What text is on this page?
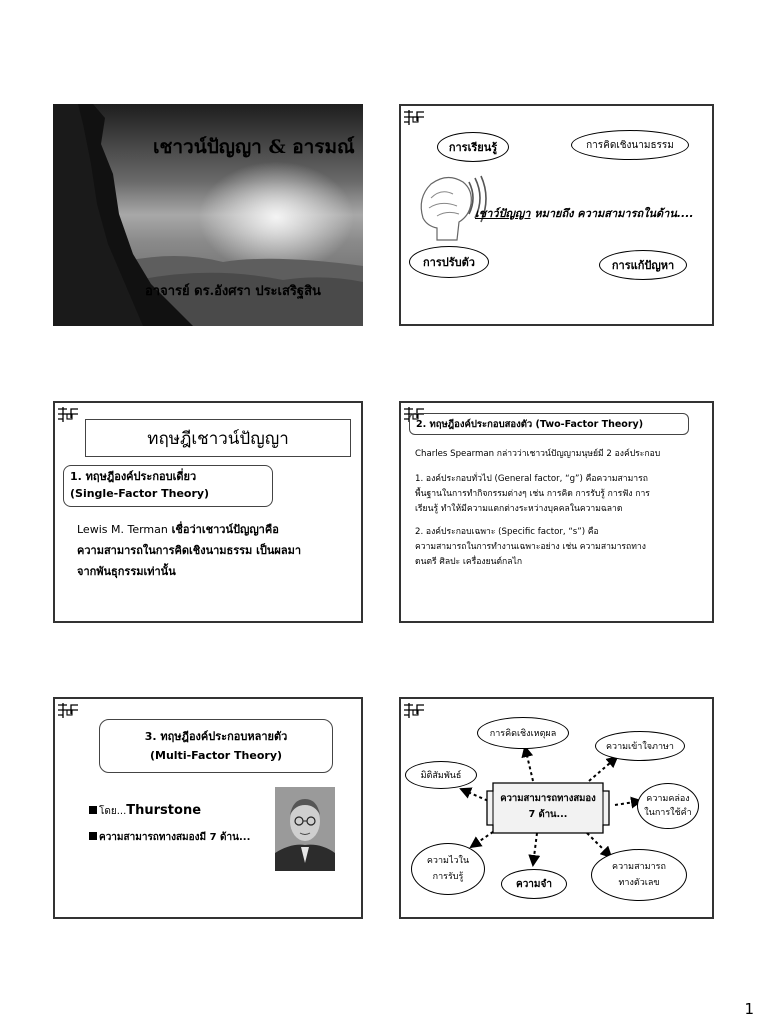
เชาวน์ปัญญา & อารมณ์
อาจารย์ ดร.อังศรา ประเสริฐสิน
การเรียนรู้	การคิดเชิงนามธรรม
เชาว์ปัญญา หมายถึง ความสามารถในด้าน....
การปรับตัว	การแก้ปัญหา
ทฤษฎีเชาวน์ปัญญา
1. ทฤษฎีองค์ประกอบเดี่ยว
(Single-Factor Theory)
Lewis M. Terman เชื่อว่าเชาวน์ปัญญาคือ
ความสามารถในการคิดเชิงนามธรรม เป็นผลมา
จากพันธุกรรมเท่านั้น
2. ทฤษฎีองค์ประกอบสองตัว (Two-Factor Theory)
Charles Spearman กล่าวว่าเชาวน์ปัญญามนุษย์มี 2 องค์ประกอบ
1. องค์ประกอบทั่วไป (General factor, “g”) คือความสามารถ
พื้นฐานในการทำกิจกรรมต่างๆ เช่น การคิด การรับรู้ การฟัง การ
เรียนรู้ ทำให้มีความแตกต่างระหว่างบุคคลในความฉลาด
2. องค์ประกอบเฉพาะ (Specific factor, “s”) คือ
ความสามารถในการทำงานเฉพาะอย่าง เช่น ความสามารถทาง
ดนตรี ศิลปะ เครื่องยนต์กลไก
3. ทฤษฎีองค์ประกอบหลายตัว
(Multi-Factor Theory)
โดย...Thurstone
ความสามารถทางสมองมี 7 ด้าน...
ความสามารถทางสมอง
7 ด้าน...
การคิดเชิงเหตุผล
ความเข้าใจภาษา
มิติสัมพันธ์
ความคล่อง
ในการใช้คำ
ความไวใน
การรับรู้
ความจำ
ความสามารถ
ทางตัวเลข
1
